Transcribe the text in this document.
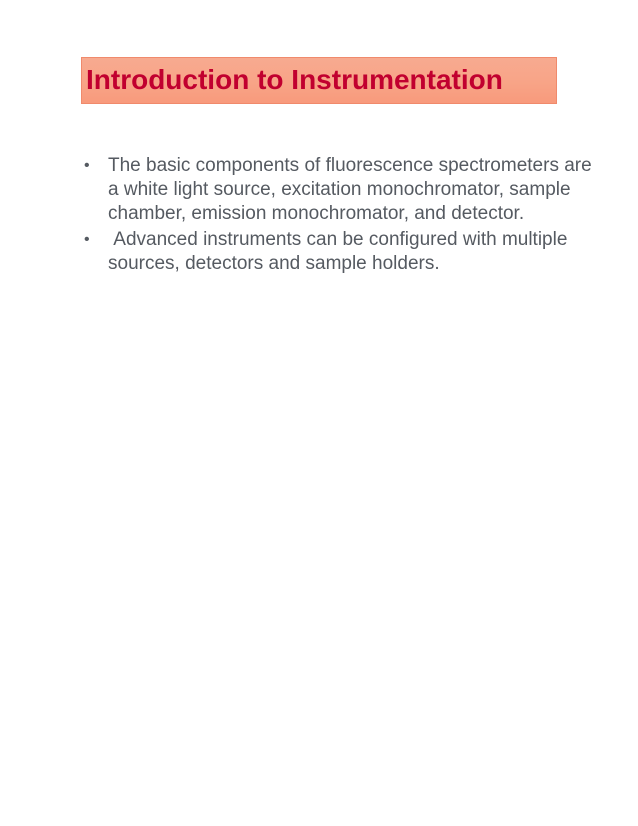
Introduction to Instrumentation
• The basic components of fluorescence spectrometers are a white light source, excitation monochromator, sample chamber, emission monochromator, and detector.
• Advanced instruments can be configured with multiple sources, detectors and sample holders.
